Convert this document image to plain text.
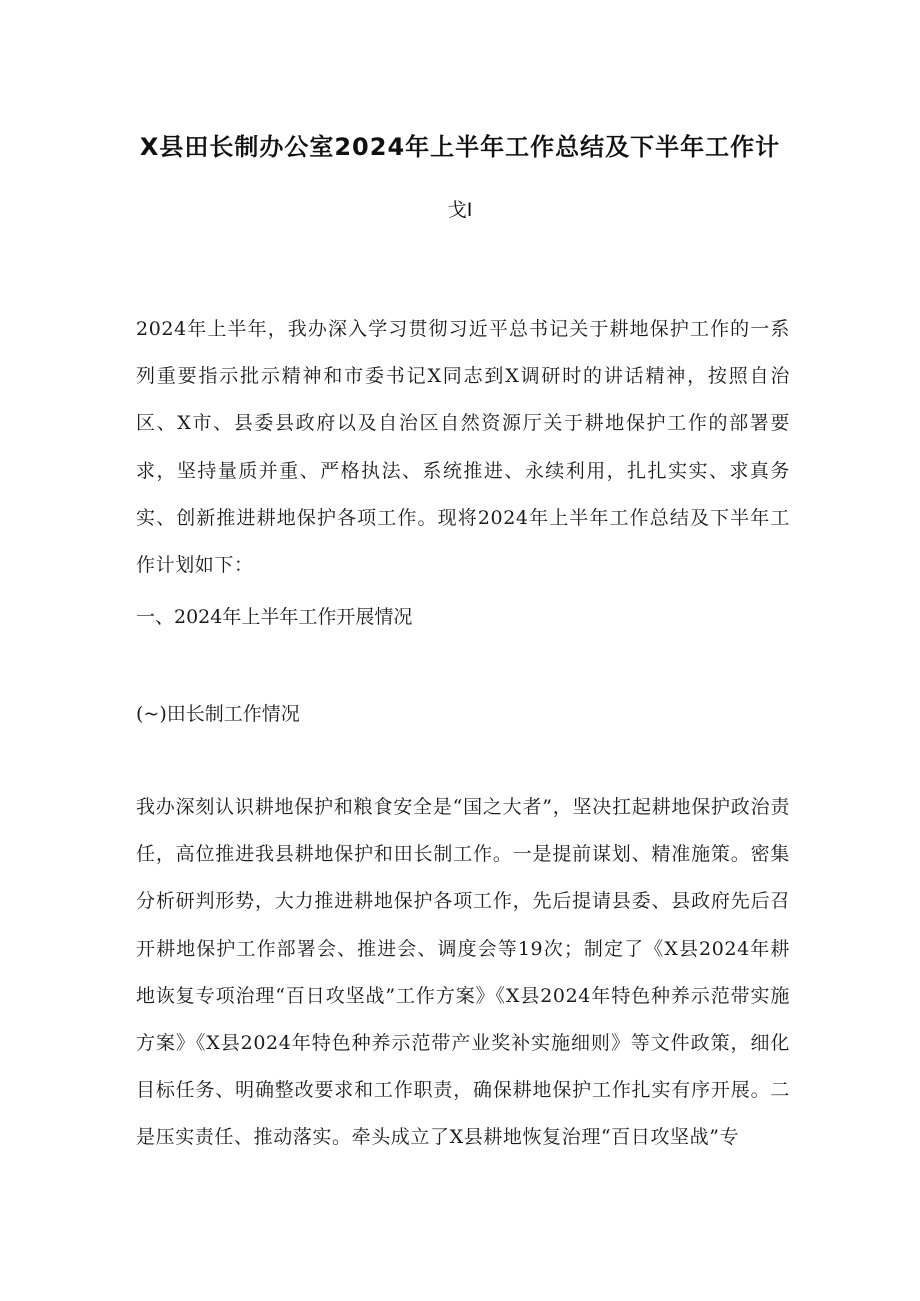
X县田长制办公室2024年上半年工作总结及下半年工作计
戈I

2024年上半年，我办深入学习贯彻习近平总书记关于耕地保护工作的一系列重要指示批示精神和市委书记X同志到X调研时的讲话精神，按照自治区、X市、县委县政府以及自治区自然资源厅关于耕地保护工作的部署要求，坚持量质并重、严格执法、系统推进、永续利用，扎扎实实、求真务实、创新推进耕地保护各项工作。现将2024年上半年工作总结及下半年工作计划如下：

一、2024年上半年工作开展情况

(~)田长制工作情况

我办深刻认识耕地保护和粮食安全是“国之大者”，坚决扛起耕地保护政治责任，高位推进我县耕地保护和田长制工作。一是提前谋划、精准施策。密集分析研判形势，大力推进耕地保护各项工作，先后提请县委、县政府先后召开耕地保护工作部署会、推进会、调度会等19次；制定了《X县2024年耕地诙复专项治理“百日攻坚战”工作方案》《X县2024年特色种养示范带实施方案》《X县2024年特色种养示范带产业奖补实施细则》等文件政策，细化目标任务、明确整改要求和工作职责，确保耕地保护工作扎实有序开展。二是压实责任、推动落实。牵头成立了X县耕地恢复治理“百日攻坚战”专
